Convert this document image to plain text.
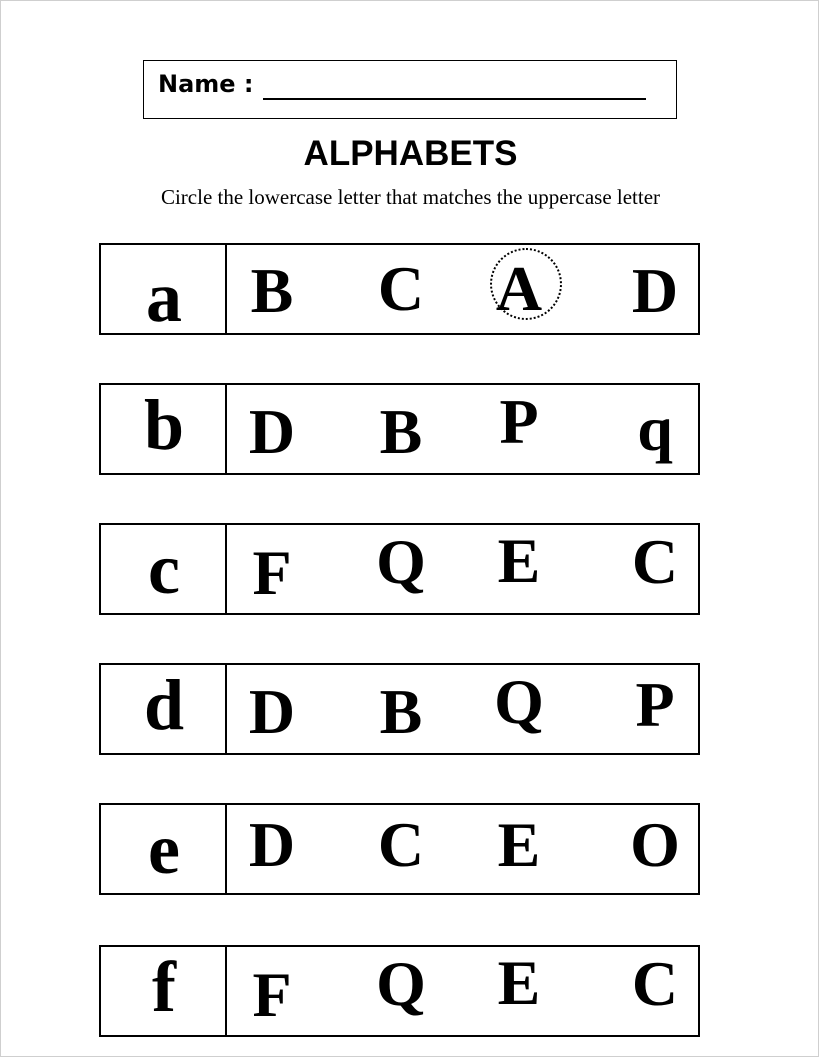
Name :
ALPHABETS
Circle the lowercase letter that matches the uppercase letter
a	B C A D
b	D B	P	q
c	F	Q E C
d	D B Q	P
e	D C E O
f	F	Q E C
